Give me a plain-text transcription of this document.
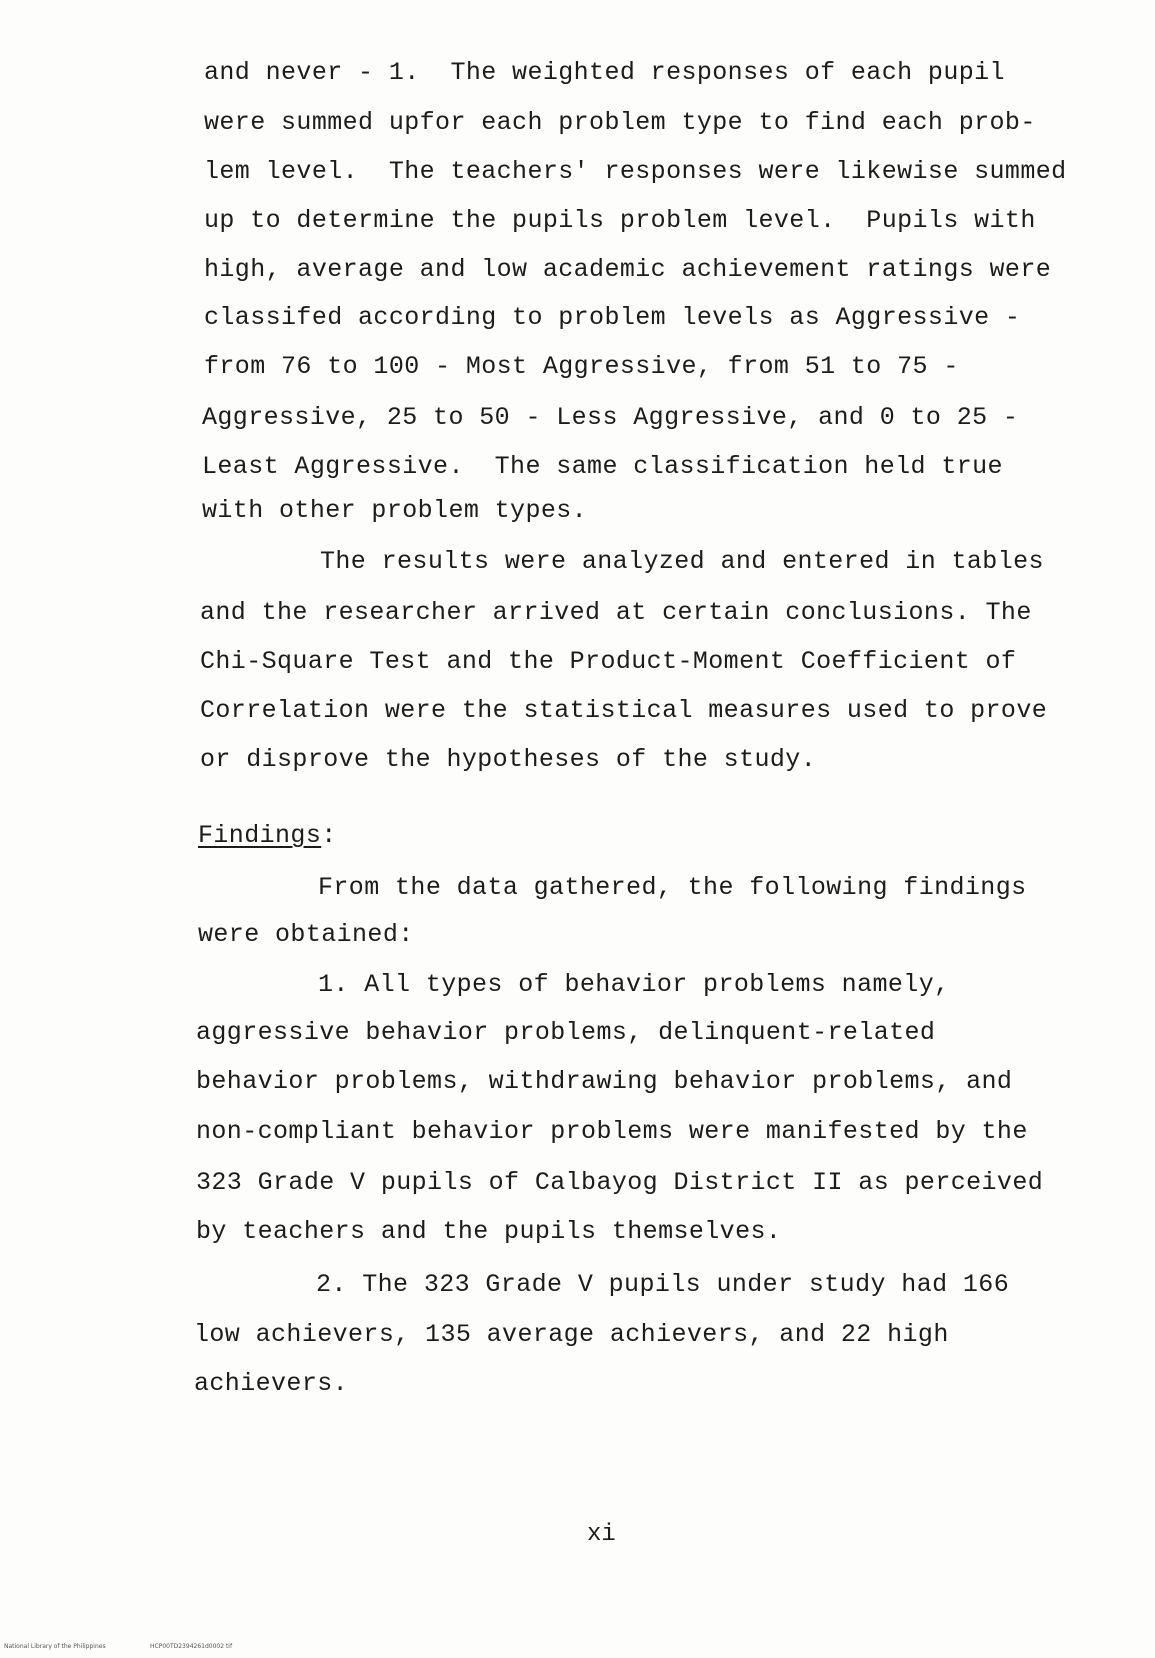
and never - 1.  The weighted responses of each pupil
were summed upfor each problem type to find each prob-
lem level.  The teachers' responses were likewise summed
up to determine the pupils problem level.  Pupils with
high, average and low academic achievement ratings were
classifed according to problem levels as Aggressive -
from 76 to 100 - Most Aggressive, from 51 to 75 -
Aggressive, 25 to 50 - Less Aggressive, and 0 to 25 -
Least Aggressive.  The same classification held true
with other problem types.
The results were analyzed and entered in tables
and the researcher arrived at certain conclusions. The
Chi-Square Test and the Product-Moment Coefficient of
Correlation were the statistical measures used to prove
or disprove the hypotheses of the study.
Findings:
From the data gathered, the following findings
were obtained:
1. All types of behavior problems namely,
aggressive behavior problems, delinquent-related
behavior problems, withdrawing behavior problems, and
non-compliant behavior problems were manifested by the
323 Grade V pupils of Calbayog District II as perceived
by teachers and the pupils themselves.
2. The 323 Grade V pupils under study had 166
low achievers, 135 average achievers, and 22 high
achievers.
xi
National Library of the Philippines	HCP00TD2394261d0002 tif
